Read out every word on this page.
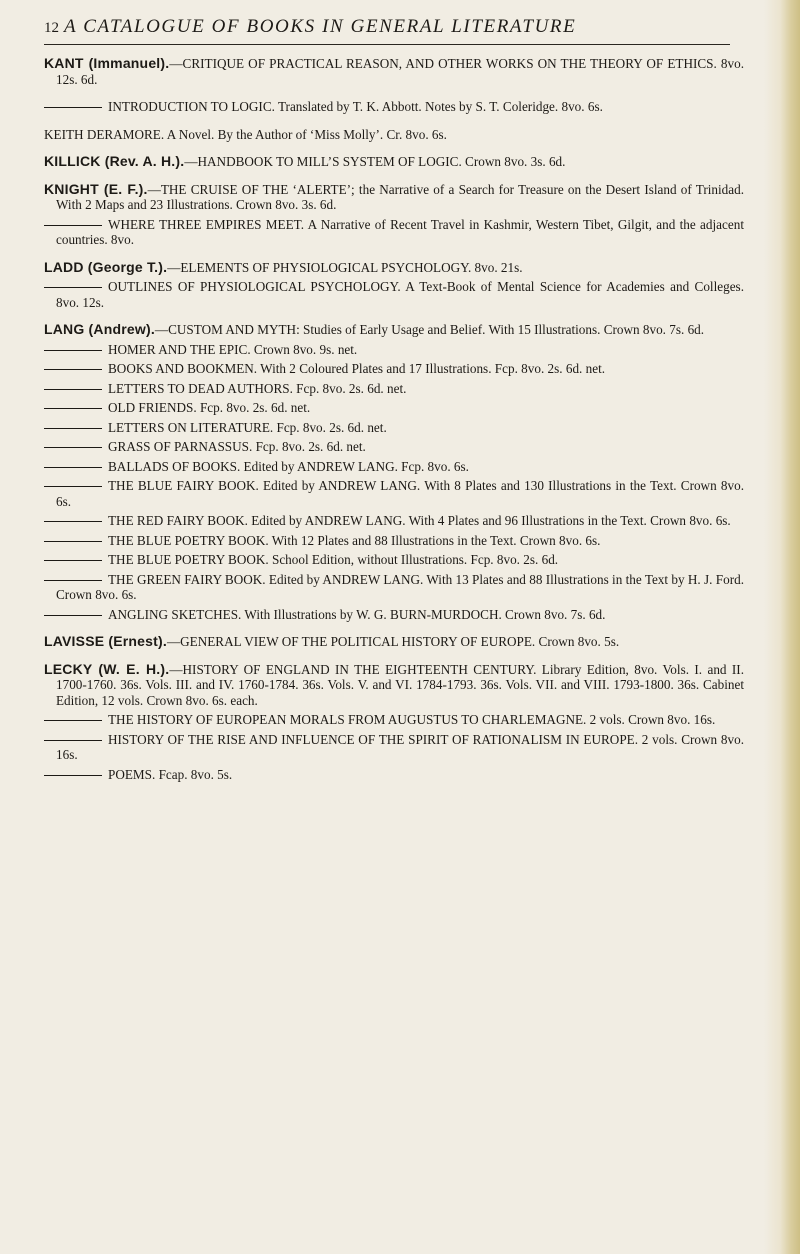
12 A CATALOGUE OF BOOKS IN GENERAL LITERATURE

KANT (Immanuel).—CRITIQUE OF PRACTICAL REASON, AND OTHER WORKS ON THE THEORY OF ETHICS. 8vo. 12s. 6d.

INTRODUCTION TO LOGIC. Translated by T. K. Abbott. Notes by S. T. Coleridge. 8vo. 6s.

KEITH DERAMORE. A Novel. By the Author of ‘Miss Molly’. Cr. 8vo. 6s.

KILLICK (Rev. A. H.).—HANDBOOK TO MILL’S SYSTEM OF LOGIC. Crown 8vo. 3s. 6d.

KNIGHT (E. F.).—THE CRUISE OF THE ‘ALERTE’; the Narrative of a Search for Treasure on the Desert Island of Trinidad. With 2 Maps and 23 Illustrations. Crown 8vo. 3s. 6d.

WHERE THREE EMPIRES MEET. A Narrative of Recent Travel in Kashmir, Western Tibet, Gilgit, and the adjacent countries. 8vo.

LADD (George T.).—ELEMENTS OF PHYSIOLOGICAL PSYCHOLOGY. 8vo. 21s.

OUTLINES OF PHYSIOLOGICAL PSYCHOLOGY. A Text-Book of Mental Science for Academies and Colleges. 8vo. 12s.

LANG (Andrew).—CUSTOM AND MYTH: Studies of Early Usage and Belief. With 15 Illustrations. Crown 8vo. 7s. 6d.

HOMER AND THE EPIC. Crown 8vo. 9s. net.

BOOKS AND BOOKMEN. With 2 Coloured Plates and 17 Illustrations. Fcp. 8vo. 2s. 6d. net.

LETTERS TO DEAD AUTHORS. Fcp. 8vo. 2s. 6d. net.

OLD FRIENDS. Fcp. 8vo. 2s. 6d. net.

LETTERS ON LITERATURE. Fcp. 8vo. 2s. 6d. net.

GRASS OF PARNASSUS. Fcp. 8vo. 2s. 6d. net.

BALLADS OF BOOKS. Edited by ANDREW LANG. Fcp. 8vo. 6s.

THE BLUE FAIRY BOOK. Edited by ANDREW LANG. With 8 Plates and 130 Illustrations in the Text. Crown 8vo. 6s.

THE RED FAIRY BOOK. Edited by ANDREW LANG. With 4 Plates and 96 Illustrations in the Text. Crown 8vo. 6s.

THE BLUE POETRY BOOK. With 12 Plates and 88 Illustrations in the Text. Crown 8vo. 6s.

THE BLUE POETRY BOOK. School Edition, without Illustrations. Fcp. 8vo. 2s. 6d.

THE GREEN FAIRY BOOK. Edited by ANDREW LANG. With 13 Plates and 88 Illustrations in the Text by H. J. Ford. Crown 8vo. 6s.

ANGLING SKETCHES. With Illustrations by W. G. BURN-MURDOCH. Crown 8vo. 7s. 6d.

LAVISSE (Ernest).—GENERAL VIEW OF THE POLITICAL HISTORY OF EUROPE. Crown 8vo. 5s.

LECKY (W. E. H.).—HISTORY OF ENGLAND IN THE EIGHTEENTH CENTURY. Library Edition, 8vo. Vols. I. and II. 1700-1760. 36s. Vols. III. and IV. 1760-1784. 36s. Vols. V. and VI. 1784-1793. 36s. Vols. VII. and VIII. 1793-1800. 36s. Cabinet Edition, 12 vols. Crown 8vo. 6s. each.

THE HISTORY OF EUROPEAN MORALS FROM AUGUSTUS TO CHARLEMAGNE. 2 vols. Crown 8vo. 16s.

HISTORY OF THE RISE AND INFLUENCE OF THE SPIRIT OF RATIONALISM IN EUROPE. 2 vols. Crown 8vo. 16s.

POEMS. Fcap. 8vo. 5s.
